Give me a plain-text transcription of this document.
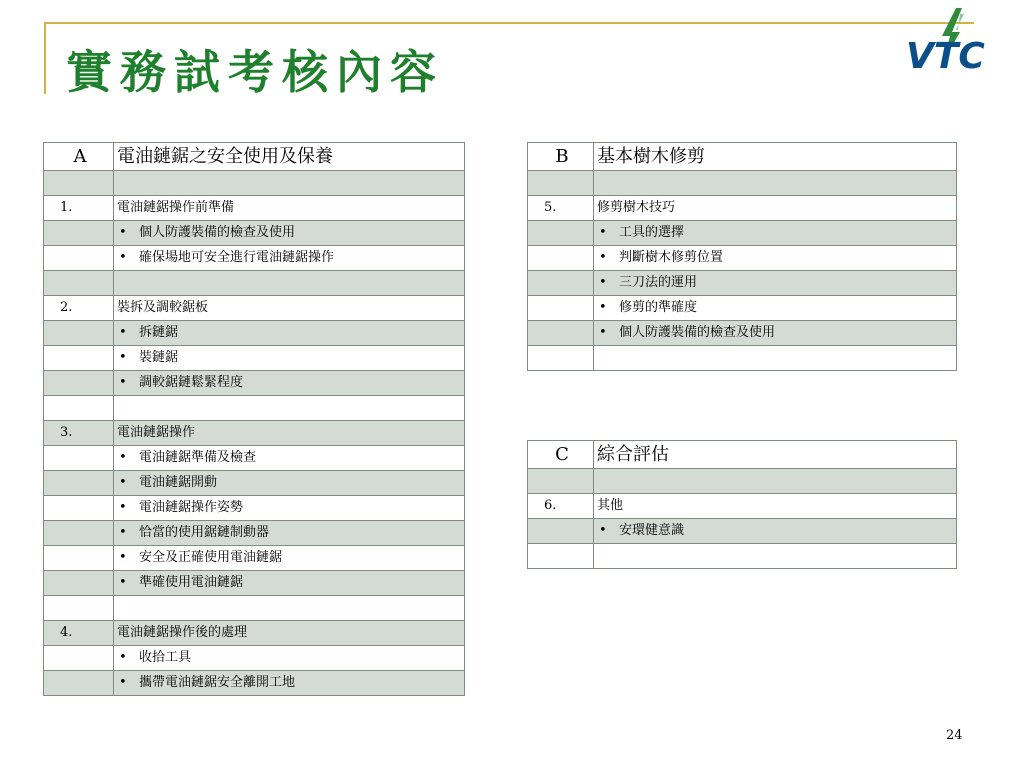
實務試考核內容	VTC
A	電油鏈鋸之安全使用及保養

1.	電油鏈鋸操作前準備
	• 個人防護裝備的檢查及使用
	• 確保場地可安全進行電油鏈鋸操作

2.	裝拆及調較鋸板
	• 拆鏈鋸
	• 裝鏈鋸
	• 調較鋸鏈鬆緊程度

3.	電油鏈鋸操作
	• 電油鏈鋸準備及檢查
	• 電油鏈鋸開動
	• 電油鏈鋸操作姿勢
	• 恰當的使用鋸鏈制動器
	• 安全及正確使用電油鏈鋸
	• 準確使用電油鏈鋸

4.	電油鏈鋸操作後的處理
	• 收拾工具
	• 攜帶電油鏈鋸安全離開工地
B	基本樹木修剪

5.	修剪樹木技巧
	• 工具的選擇
	• 判斷樹木修剪位置
	• 三刀法的運用
	• 修剪的準確度
	• 個人防護裝備的檢查及使用

C	綜合評估

6.	其他
	• 安環健意識

24
